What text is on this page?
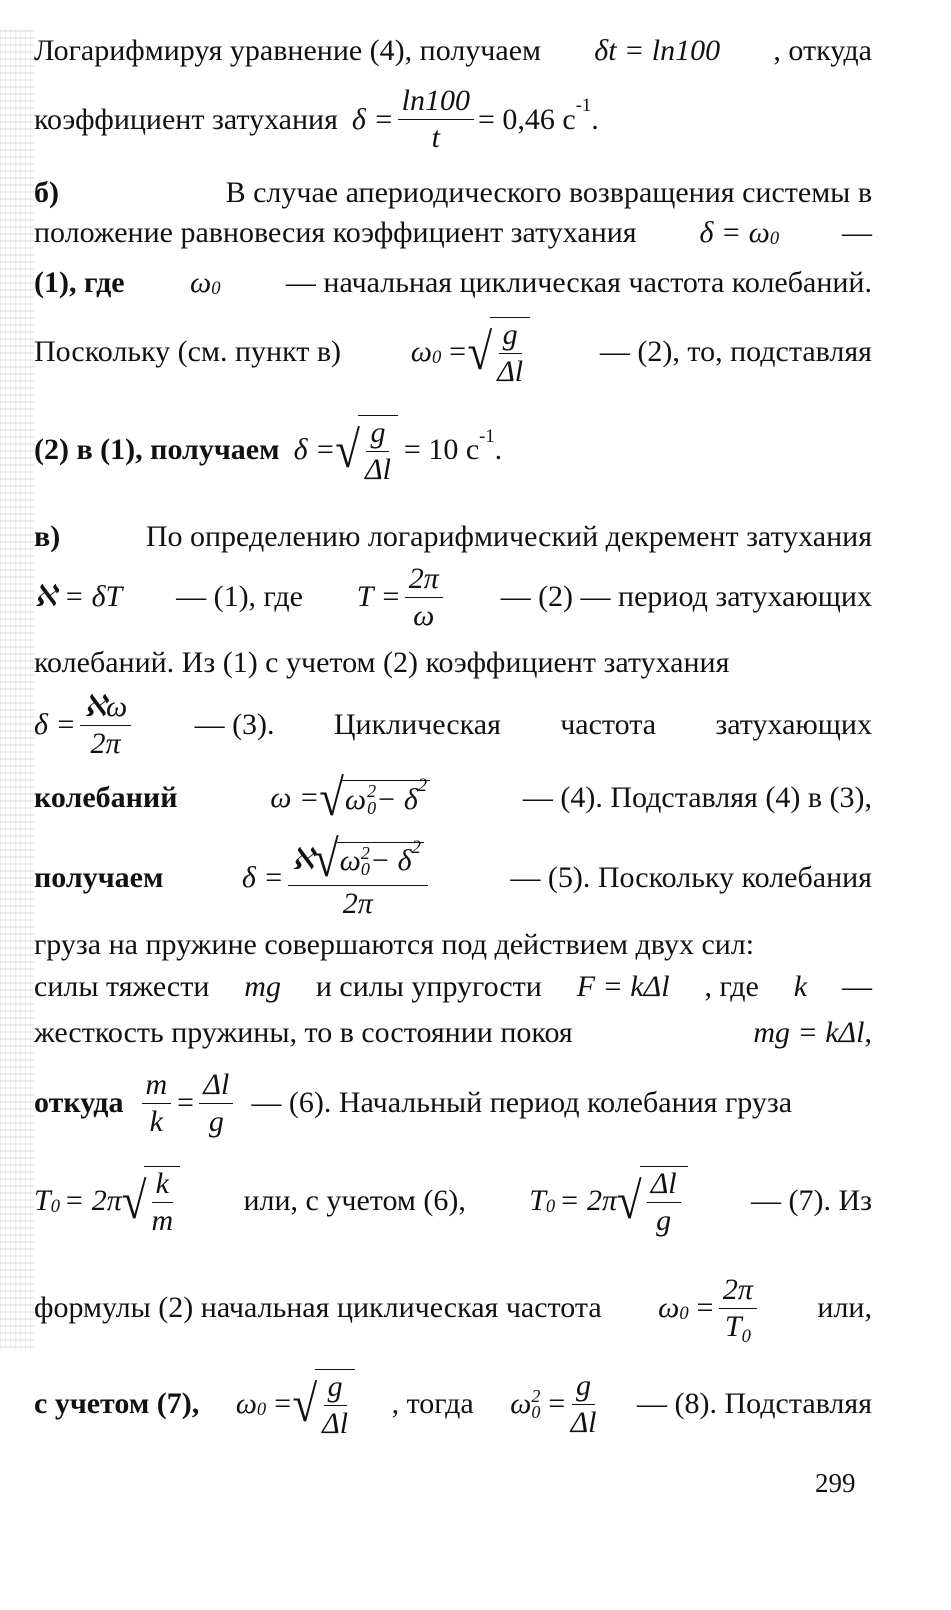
Логарифмируя уравнение (4), получаем δt = ln100 , откуда
коэффициент затухания $\delta = \frac{\ln 100}{t} = 0,46$ с -1 .
б)	В случае апериодического возвращения системы в
положение равновесия коэффициент затухания δ = ω 0 —
(1), где ω 0 — начальная циклическая частота колебаний.
Поскольку (см. пункт в) ω 0 = √ $\frac{g}{\Delta l}$	— (2), то, подставляя
(2) в (1), получаем δ = √ $\frac{g}{\Delta l} = 10$ с -1 .
в)	По определению логарифмический декремент затухания
ℵ = δT — (1), где $T = \frac{2\pi}{\omega}$ — (2) — период затухающих
колебаний. Из (1) с учетом (2) коэффициент затухания
$\delta = \frac{\text{ℵω}}{2\pi}$ — (3). Циклическая частота затухающих
колебаний	ω = √ ω 2
0 − δ 2	— (4). Подставляя (4) в (3),
получаем	δ =
ℵ √ ω 2
0 − δ 2
2π
— (5). Поскольку колебания
груза на пружине совершаются под действием двух сил:
силы тяжести mg и силы упругости F = kΔl , где k —
жесткость пружины, то в состоянии покоя	mg = kΔl ,
откуда $\frac{m}{k} = \frac{\Delta l}{g}$ — (6). Начальный период колебания груза
T 0 = 2π √ $\frac{k}{m}$ или, с учетом (6), T 0 = 2π √ $\frac{\Delta l}{g}$ — (7). Из
формулы (2) начальная циклическая частота ω $0 = \frac{2\pi}{T_0}$ или,
с учетом (7), ω 0 = √ $\frac{g}{\Delta l}$ , тогда ω 2
$0 = \frac{g}{\Delta l}$ — (8). Подставляя
299
